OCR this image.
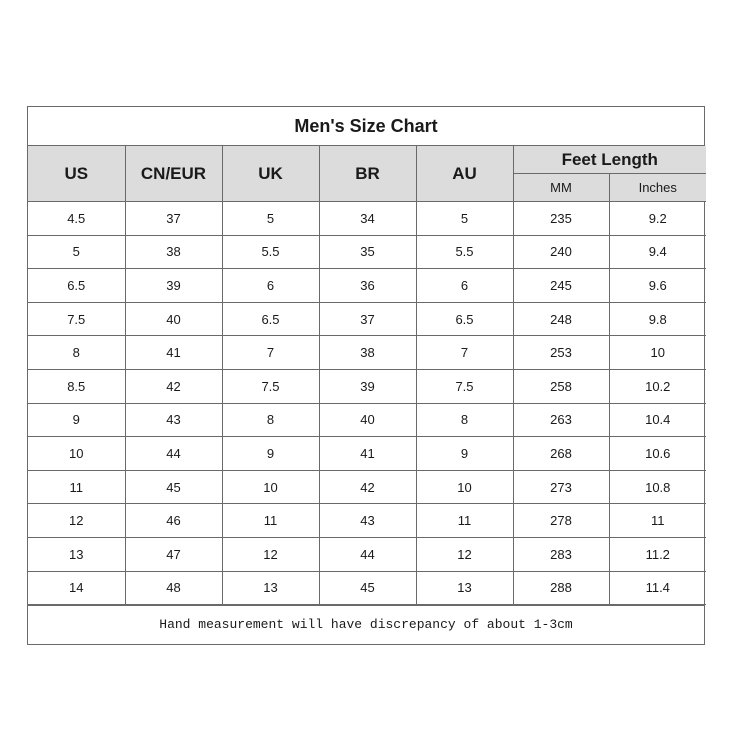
Men's Size Chart
US	CN/EUR	UK	BR	AU	Feet Length	
					MM	Inches
4.5	37	5	34	5	235	9.2
5	38	5.5	35	5.5	240	9.4
6.5	39	6	36	6	245	9.6
7.5	40	6.5	37	6.5	248	9.8
8	41	7	38	7	253	10
8.5	42	7.5	39	7.5	258	10.2
9	43	8	40	8	263	10.4
10	44	9	41	9	268	10.6
11	45	10	42	10	273	10.8
12	46	11	43	11	278	11
13	47	12	44	12	283	11.2
14	48	13	45	13	288	11.4
Hand measurement will have discrepancy of about 1-3cm
